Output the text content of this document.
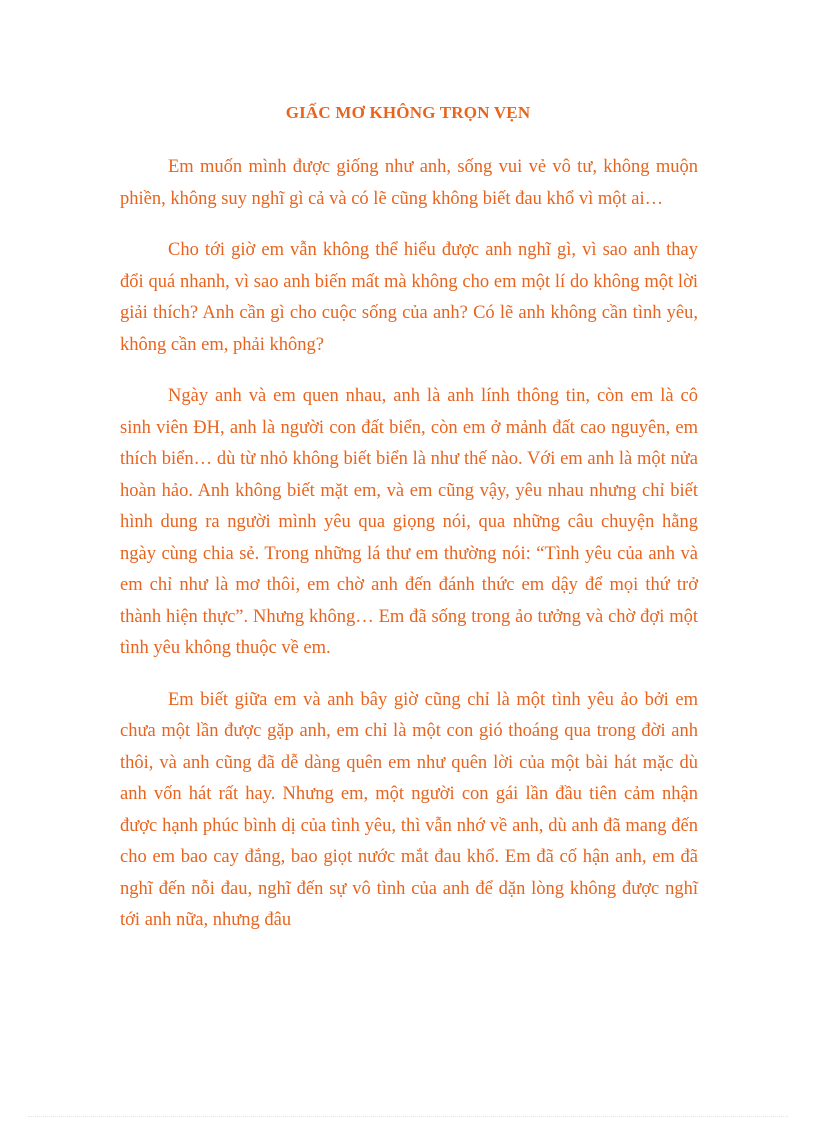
GIẤC MƠ KHÔNG TRỌN VẸN

Em muốn mình được giống như anh, sống vui vẻ vô tư, không muộn phiền, không suy nghĩ gì cả và có lẽ cũng không biết đau khổ vì một ai…

Cho tới giờ em vẫn không thể hiểu được anh nghĩ gì, vì sao anh thay đổi quá nhanh, vì sao anh biến mất mà không cho em một lí do không một lời giải thích? Anh cần gì cho cuộc sống của anh? Có lẽ anh không cần tình yêu, không cần em, phải không?

Ngày anh và em quen nhau, anh là anh lính thông tin, còn em là cô sinh viên ĐH, anh là người con đất biển, còn em ở mảnh đất cao nguyên, em thích biển… dù từ nhỏ không biết biển là như thế nào. Với em anh là một nửa hoàn hảo. Anh không biết mặt em, và em cũng vậy, yêu nhau nhưng chỉ biết hình dung ra người mình yêu qua giọng nói, qua những câu chuyện hằng ngày cùng chia sẻ. Trong những lá thư em thường nói: “Tình yêu của anh và em chỉ như là mơ thôi, em chờ anh đến đánh thức em dậy để mọi thứ trở thành hiện thực”. Nhưng không… Em đã sống trong ảo tưởng và chờ đợi một tình yêu không thuộc về em.

Em biết giữa em và anh bây giờ cũng chỉ là một tình yêu ảo bởi em chưa một lần được gặp anh, em chỉ là một con gió thoáng qua trong đời anh thôi, và anh cũng đã dễ dàng quên em như quên lời của một bài hát mặc dù anh vốn hát rất hay. Nhưng em, một người con gái lần đầu tiên cảm nhận được hạnh phúc bình dị của tình yêu, thì vẫn nhớ về anh, dù anh đã mang đến cho em bao cay đắng, bao giọt nước mắt đau khổ. Em đã cố hận anh, em đã nghĩ đến nỗi đau, nghĩ đến sự vô tình của anh để dặn lòng không được nghĩ tới anh nữa, nhưng đâu
